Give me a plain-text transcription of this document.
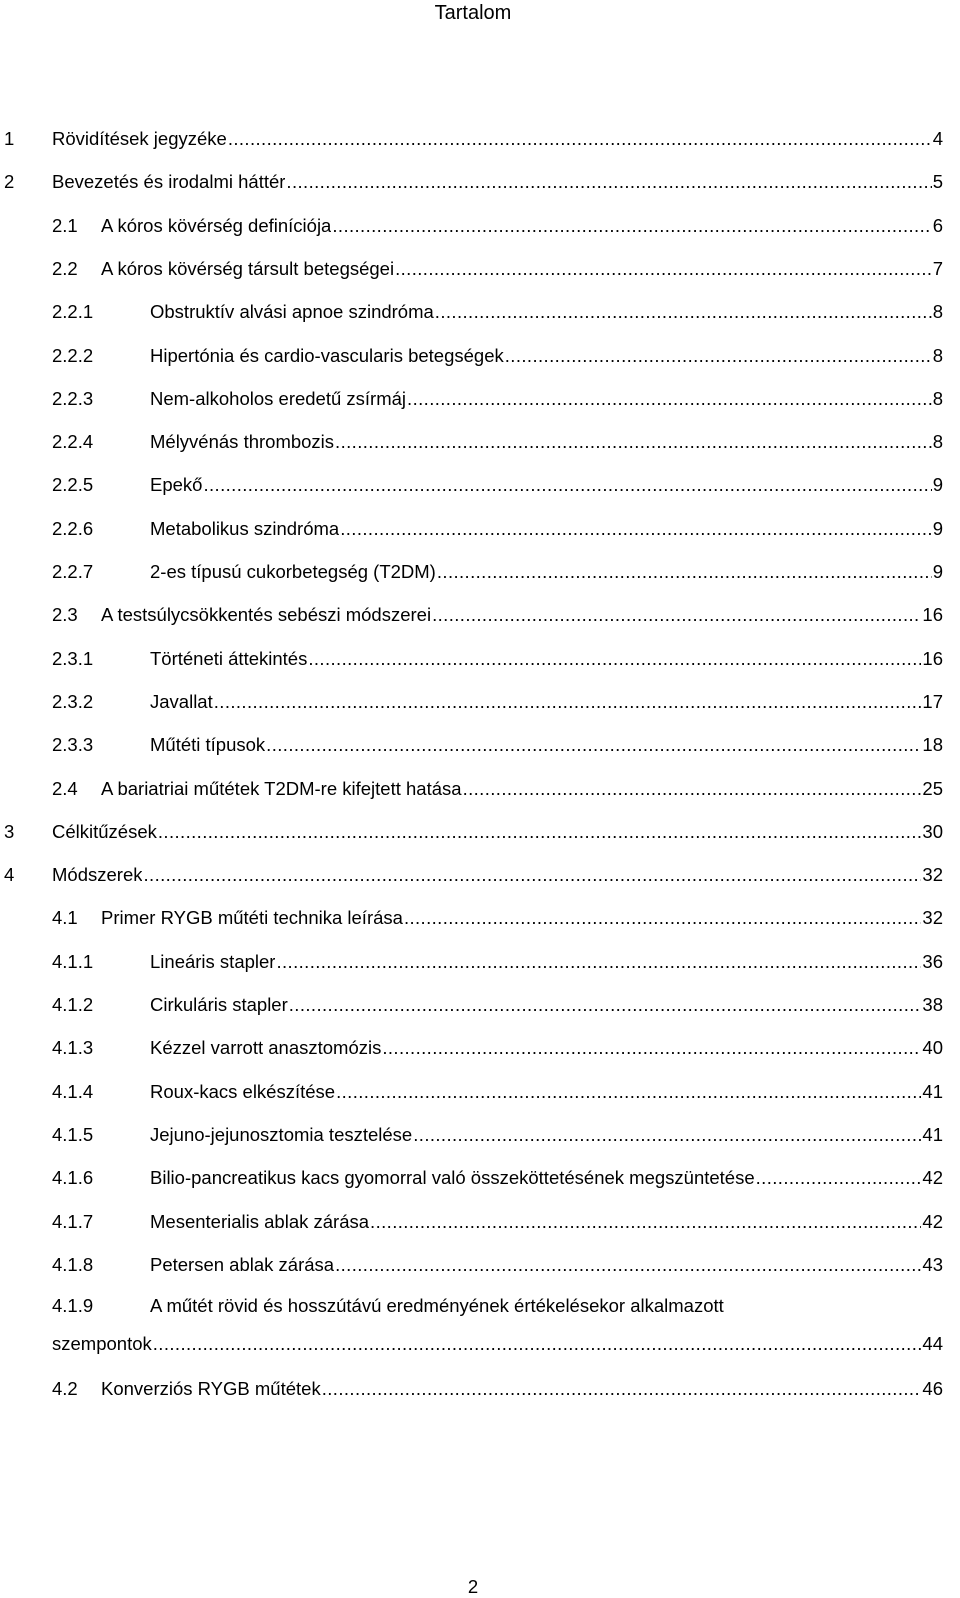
Tartalom
1	Rövidítések jegyzéke .....	4
2	Bevezetés és irodalmi háttér .....	5
2.1	A kóros kövérség definíciója .....	6
2.2	A kóros kövérség társult betegségei .....	7
2.2.1	Obstruktív alvási apnoe szindróma .....	8
2.2.2	Hipertónia és cardio-vascularis betegségek .....	8
2.2.3	Nem-alkoholos eredetű zsírmáj .....	8
2.2.4	Mélyvénás thrombozis .....	8
2.2.5	Epekő .....	9
2.2.6	Metabolikus szindróma .....	9
2.2.7	2-es típusú cukorbetegség (T2DM) .....	9
2.3	A testsúlycsökkentés sebészi módszerei .....	16
2.3.1	Történeti áttekintés .....	16
2.3.2	Javallat .....	17
2.3.3	Műtéti típusok .....	18
2.4	A bariatriai műtétek T2DM-re kifejtett hatása .....	25
3	Célkitűzések .....	30
4	Módszerek .....	32
4.1	Primer RYGB műtéti technika leírása .....	32
4.1.1	Lineáris stapler .....	36
4.1.2	Cirkuláris stapler .....	38
4.1.3	Kézzel varrott anasztomózis .....	40
4.1.4	Roux-kacs elkészítése .....	41
4.1.5	Jejuno-jejunosztomia tesztelése .....	41
4.1.6	Bilio-pancreatikus kacs gyomorral való összeköttetésének megszüntetése .....	42
4.1.7	Mesenterialis ablak zárása .....	42
4.1.8	Petersen ablak zárása .....	43
4.1.9	A műtét rövid és hosszútávú eredményének értékelésekor alkalmazott
szempontok .....	44
4.2	Konverziós RYGB műtétek .....	46
2
